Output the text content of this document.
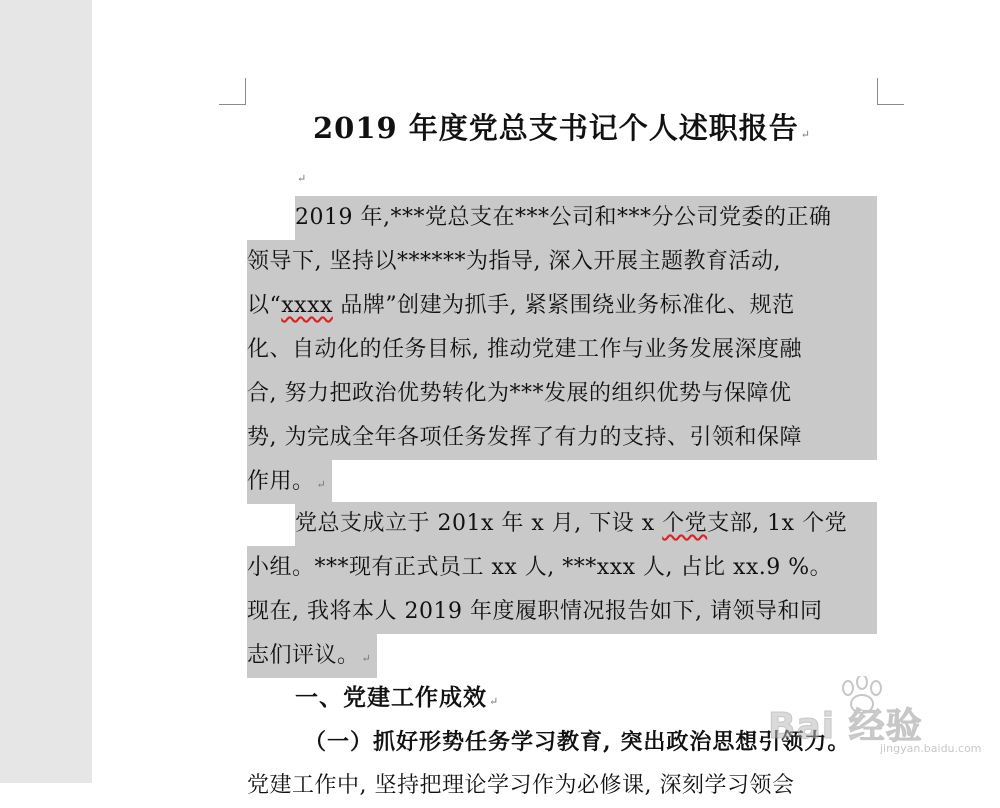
2019 年度党总支书记个人述职报告 ↵
↵
2019 年,***党总支在***公司和***分公司党委的正确
领导下, 坚持以******为指导, 深入开展主题教育活动,
以“xxxx 品牌”创建为抓手, 紧紧围绕业务标准化、规范
化、自动化的任务目标, 推动党建工作与业务发展深度融
合, 努力把政治优势转化为***发展的组织优势与保障优
势, 为完成全年各项任务发挥了有力的支持、引领和保障
作用。 ↵
党总支成立于 201x 年 x 月, 下设 x 个党支部, 1x 个党
小组。***现有正式员工 xx 人, ***xxx 人, 占比 xx.9 %。
现在, 我将本人 2019 年度履职情况报告如下, 请领导和同
志们评议。 ↵
一、党建工作成效 ↵
（一）抓好形势任务学习教育, 突出政治思想引领力。
党建工作中, 坚持把理论学习作为必修课, 深刻学习领会
Bai 经验
jingyan.baidu.com
